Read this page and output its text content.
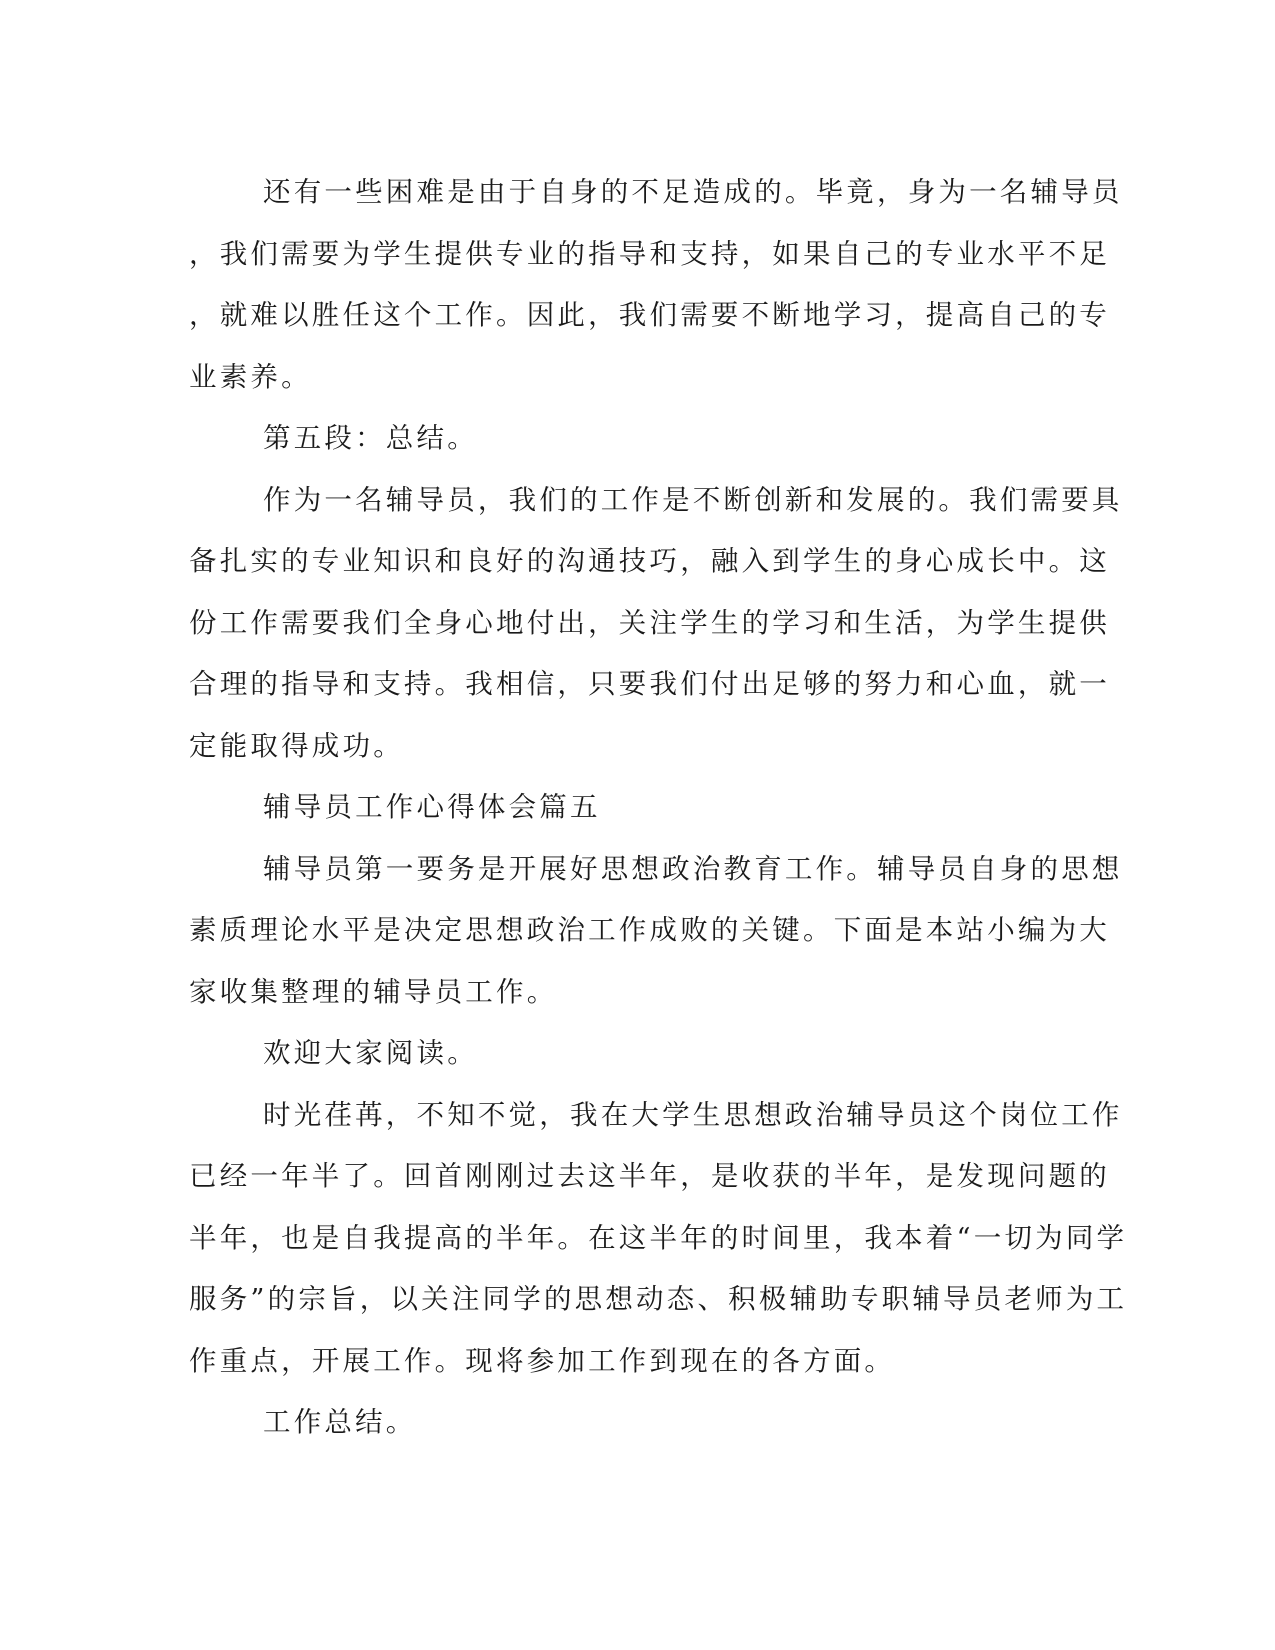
还有一些困难是由于自身的不足造成的。毕竟，身为一名辅导员
，我们需要为学生提供专业的指导和支持，如果自己的专业水平不足
，就难以胜任这个工作。因此，我们需要不断地学习，提高自己的专
业素养。
第五段：总结。
作为一名辅导员，我们的工作是不断创新和发展的。我们需要具
备扎实的专业知识和良好的沟通技巧，融入到学生的身心成长中。这
份工作需要我们全身心地付出，关注学生的学习和生活，为学生提供
合理的指导和支持。我相信，只要我们付出足够的努力和心血，就一
定能取得成功。
辅导员工作心得体会篇五
辅导员第一要务是开展好思想政治教育工作。辅导员自身的思想
素质理论水平是决定思想政治工作成败的关键。下面是本站小编为大
家收集整理的辅导员工作。
欢迎大家阅读。
时光荏苒，不知不觉，我在大学生思想政治辅导员这个岗位工作
已经一年半了。回首刚刚过去这半年，是收获的半年，是发现问题的
半年，也是自我提高的半年。在这半年的时间里，我本着“一切为同学
服务”的宗旨，以关注同学的思想动态、积极辅助专职辅导员老师为工
作重点，开展工作。现将参加工作到现在的各方面。
工作总结。
